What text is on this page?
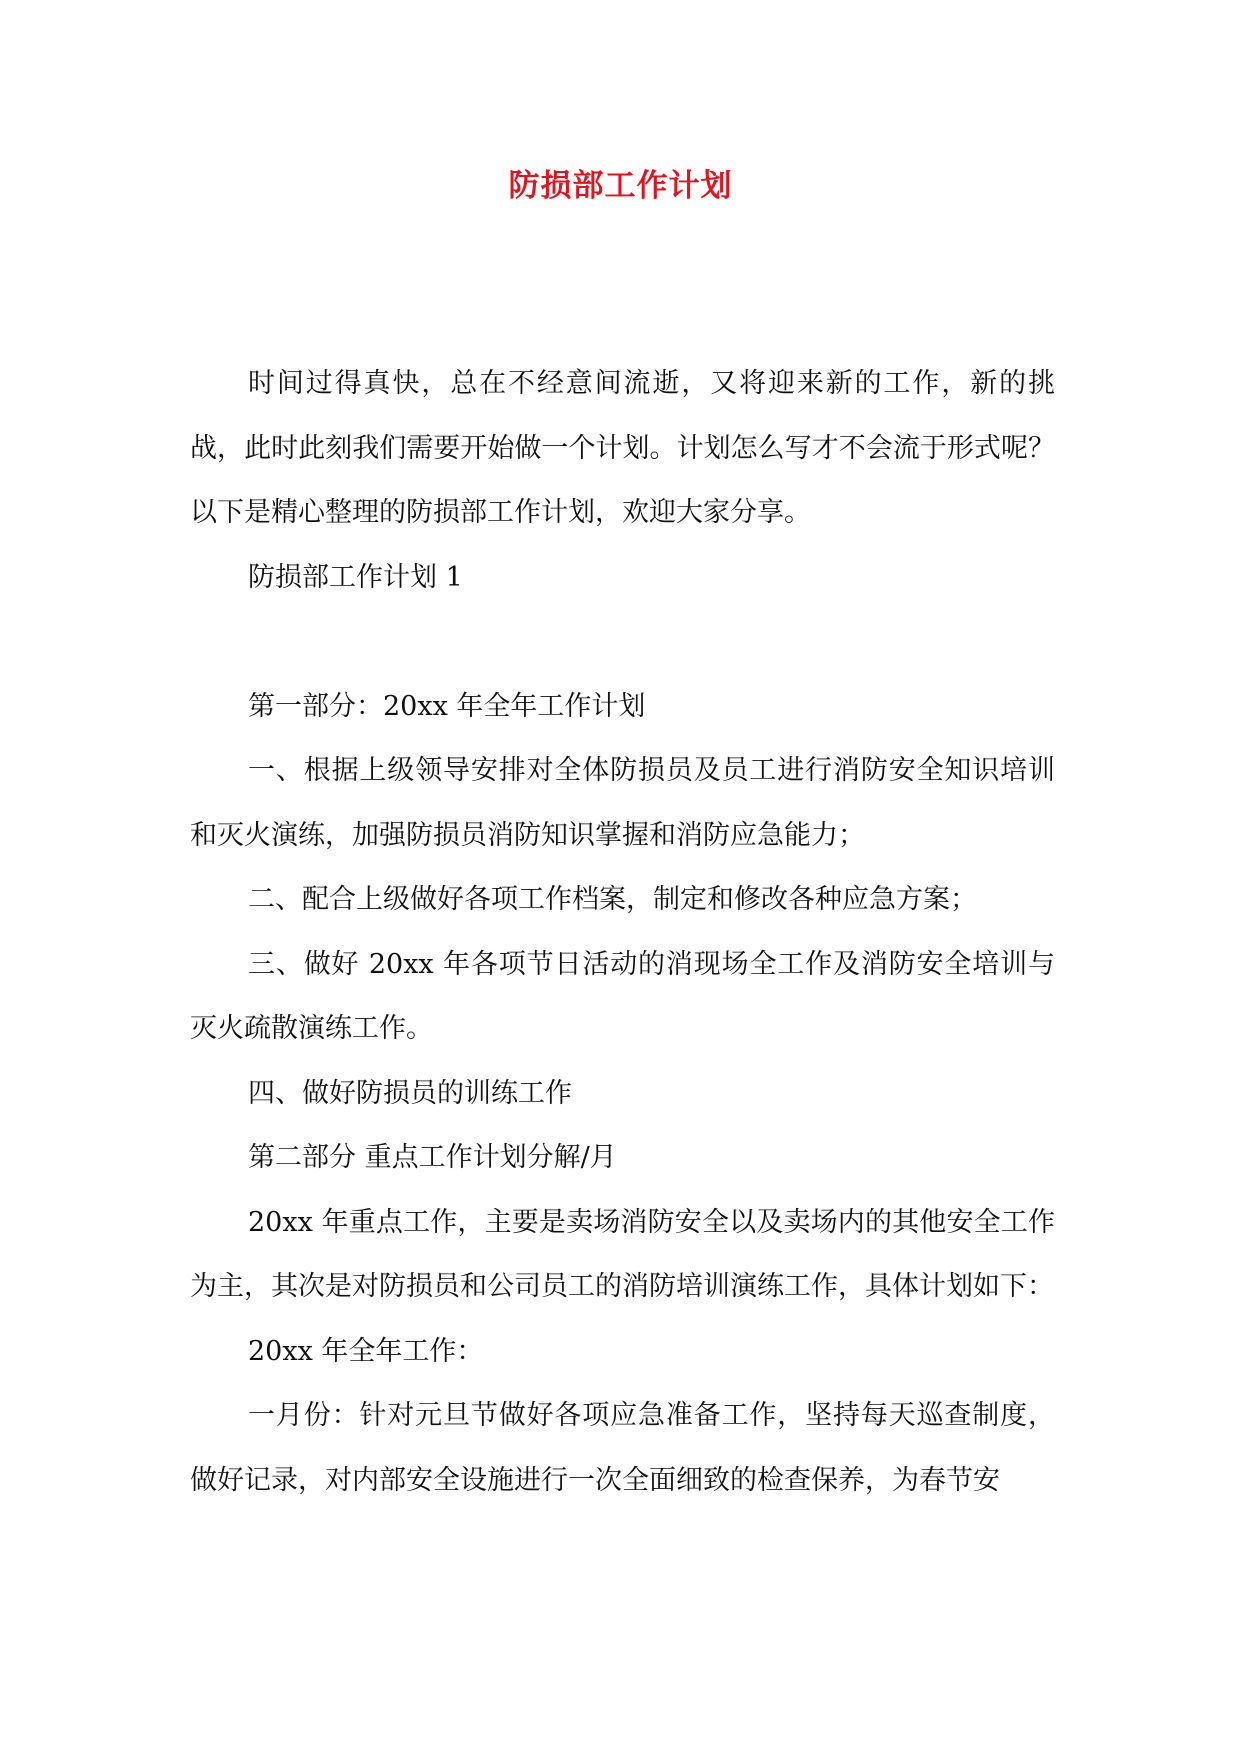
防损部工作计划

时间过得真快，总在不经意间流逝，又将迎来新的工作，新的挑战，此时此刻我们需要开始做一个计划。计划怎么写才不会流于形式呢？以下是精心整理的防损部工作计划，欢迎大家分享。

防损部工作计划 1

第一部分：20xx 年全年工作计划

一、根据上级领导安排对全体防损员及员工进行消防安全知识培训和灭火演练，加强防损员消防知识掌握和消防应急能力；

二、配合上级做好各项工作档案，制定和修改各种应急方案；

三、做好 20xx 年各项节日活动的消现场全工作及消防安全培训与灭火疏散演练工作。

四、做好防损员的训练工作

第二部分 重点工作计划分解/月

20xx 年重点工作，主要是卖场消防安全以及卖场内的其他安全工作为主，其次是对防损员和公司员工的消防培训演练工作，具体计划如下：

20xx 年全年工作：

一月份：针对元旦节做好各项应急准备工作，坚持每天巡查制度，做好记录，对内部安全设施进行一次全面细致的检查保养，为春节安
